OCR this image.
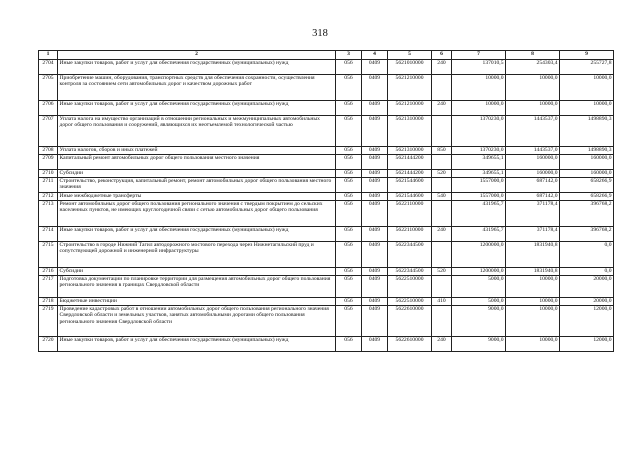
318
1	2	3	4	5	6	7	8	9
2704	Иные закупки товаров, работ и услуг для обеспечения государственных (муниципальных) нужд	056	0409	5621010000	240	137010,5	254303,4	255727,8
2705	Приобретение машин, оборудования, транспортных средств для обеспечения сохранности, осуществления контроля за состоянием сети автомобильных дорог и качеством дорожных работ	056	0409	5621210000		10000,0	10000,0	10000,0
2706	Иные закупки товаров, работ и услуг для обеспечения государственных (муниципальных) нужд	056	0409	5621210000	240	10000,0	10000,0	10000,0
2707	Уплата налога на имущество организаций в отношении региональных и межмуниципальных автомобильных дорог общего пользования и сооружений, являющихся их неотъемлемой технологической частью	056	0409	5621310000		1370230,0	1443537,0	1498890,3
2708	Уплата налогов, сборов и иных платежей	056	0409	5621310000	850	1370230,0	1443537,0	1498890,3
2709	Капитальный ремонт автомобильных дорог общего пользования местного значения	056	0409	5621444200		349655,1	160000,0	160000,0
2710	Субсидии	056	0409	5621444200	520	349655,1	160000,0	160000,0
2711	Строительство, реконструкция, капитальный ремонт, ремонт автомобильных дорог общего пользования местного значения	056	0409	5621544600		1557000,0	687142,0	658266,9
2712	Иные межбюджетные трансферты	056	0409	5621544600	540	1557000,0	687142,0	658266,9
2713	Ремонт автомобильных дорог общего пользования регионального значения с твердым покрытием до сельских населенных пунктов, не имеющих круглогодичной связи с сетью автомобильных дорог общего пользования	056	0409	5622110000		431965,7	371178,4	396768,2
2714	Иные закупки товаров, работ и услуг для обеспечения государственных (муниципальных) нужд	056	0409	5622110000	240	431965,7	371178,4	396768,2
2715	Строительство в городе Нижний Тагил автодорожного мостового перехода через Нижнетагильский пруд и сопутствующей дорожной и инженерной инфраструктуры	056	0409	5622344500		1200000,0	1831940,8	0,0
2716	Субсидии	056	0409	5622344500	520	1200000,0	1831940,8	0,0
2717	Подготовка документации по планировке территории для размещения автомобильных дорог общего пользования регионального значения в границах Свердловской области	056	0409	5622510000		5000,0	10000,0	20000,0
2718	Бюджетные инвестиции	056	0409	5622510000	410	5000,0	10000,0	20000,0
2719	Проведение кадастровых работ в отношении автомобильных дорог общего пользования регионального значения Свердловской области и земельных участков, занятых автомобильными дорогами общего пользования регионального значения Свердловской области	056	0409	5622610000		9000,0	10000,0	12000,0
2720	Иные закупки товаров, работ и услуг для обеспечения государственных (муниципальных) нужд	056	0409	5622610000	240	9000,0	10000,0	12000,0
